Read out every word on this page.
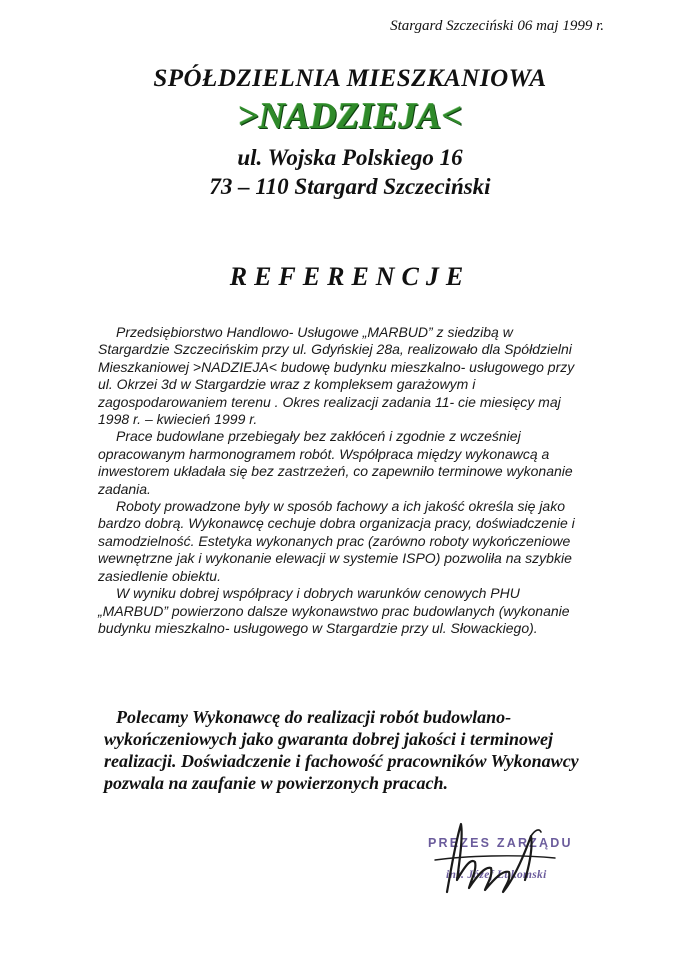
Stargard Szczeciński 06 maj 1999 r.
SPÓŁDZIELNIA MIESZKANIOWA
>NADZIEJA<
ul. Wojska Polskiego 16
73 – 110 Stargard Szczeciński
REFERENCJE

Przedsiębiorstwo Handlowo- Usługowe „MARBUD” z siedzibą w Stargardzie Szczecińskim przy ul. Gdyńskiej 28a, realizowało dla Spółdzielni Mieszkaniowej >NADZIEJA< budowę budynku mieszkalno- usługowego przy ul. Okrzei 3d w Stargardzie wraz z kompleksem garażowym i zagospodarowaniem terenu . Okres realizacji zadania 11- cie miesięcy maj 1998 r. – kwiecień 1999 r.

Prace budowlane przebiegały bez zakłóceń i zgodnie z wcześniej opracowanym harmonogramem robót. Współpraca między wykonawcą a inwestorem układała się bez zastrzeżeń, co zapewniło terminowe wykonanie zadania.

Roboty prowadzone były w sposób fachowy a ich jakość określa się jako bardzo dobrą. Wykonawcę cechuje dobra organizacja pracy, doświadczenie i samodzielność. Estetyka wykonanych prac (zarówno roboty wykończeniowe wewnętrzne jak i wykonanie elewacji w systemie ISPO) pozwoliła na szybkie zasiedlenie obiektu.

W wyniku dobrej współpracy i dobrych warunków cenowych PHU „MARBUD” powierzono dalsze wykonawstwo prac budowlanych (wykonanie budynku mieszkalno- usługowego w Stargardzie przy ul. Słowackiego).

Polecamy Wykonawcę do realizacji robót budowlano- wykończeniowych jako gwaranta dobrej jakości i terminowej realizacji. Doświadczenie i fachowość pracowników Wykonawcy pozwala na zaufanie w powierzonych pracach.

PREZES ZARZĄDU
inż. Józef Łukomski
